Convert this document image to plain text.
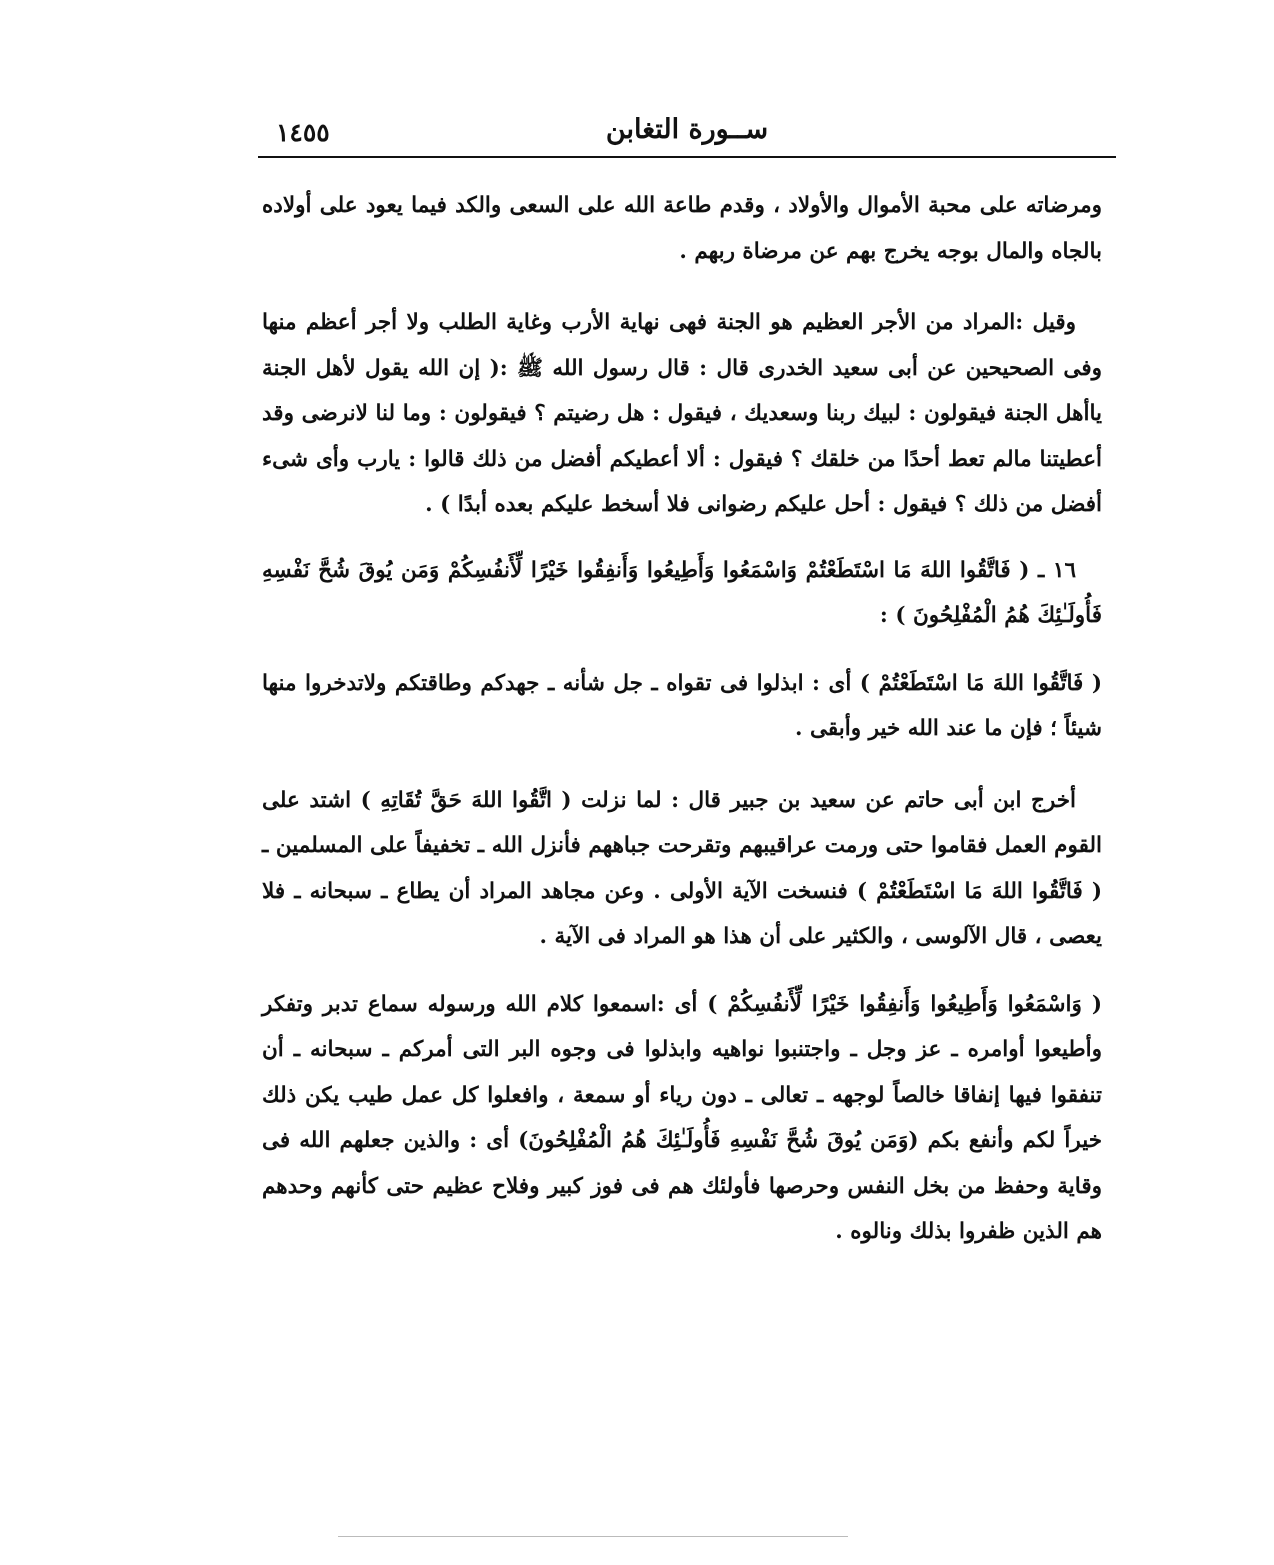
ســورة التغابن
١٤٥٥

ومرضاته على محبة الأموال والأولاد ، وقدم طاعة الله على السعى والكد فيما يعود على أولاده بالجاه والمال بوجه يخرج بهم عن مرضاة ربهم .

وقيل :المراد من الأجر العظيم هو الجنة فهى نهاية الأرب وغاية الطلب ولا أجر أعظم منها وفى الصحيحين عن أبى سعيد الخدرى قال : قال رسول الله ﷺ :( إن الله يقول لأهل الجنة ياأهل الجنة فيقولون : لبيك ربنا وسعديك ، فيقول : هل رضيتم ؟ فيقولون : وما لنا لانرضى وقد أعطيتنا مالم تعط أحدًا من خلقك ؟ فيقول : ألا أعطيكم أفضل من ذلك قالوا : يارب وأى شىء أفضل من ذلك ؟ فيقول : أحل عليكم رضوانى فلا أسخط عليكم بعده أبدًا ) .

١٦ ـ ( فَاتَّقُوا اللهَ مَا اسْتَطَعْتُمْ وَاسْمَعُوا وَأَطِيعُوا وَأَنفِقُوا خَيْرًا لِّأَنفُسِكُمْ وَمَن يُوقَ شُحَّ نَفْسِهِ فَأُولَـٰئِكَ هُمُ الْمُفْلِحُونَ ) :

( فَاتَّقُوا اللهَ مَا اسْتَطَعْتُمْ ) أى : ابذلوا فى تقواه ـ جل شأنه ـ جهدكم وطاقتكم ولاتدخروا منها شيئاً ؛ فإن ما عند الله خير وأبقى .

أخرج ابن أبى حاتم عن سعيد بن جبير قال : لما نزلت ( اتَّقُوا اللهَ حَقَّ تُقَاتِهِ ) اشتد على القوم العمل فقاموا حتى ورمت عراقيبهم وتقرحت جباههم فأنزل الله ـ تخفيفاً على المسلمين ـ ( فَاتَّقُوا اللهَ مَا اسْتَطَعْتُمْ ) فنسخت الآية الأولى . وعن مجاهد المراد أن يطاع ـ سبحانه ـ فلا يعصى ، قال الآلوسى ، والكثير على أن هذا هو المراد فى الآية .

( وَاسْمَعُوا وَأَطِيعُوا وَأَنفِقُوا خَيْرًا لِّأَنفُسِكُمْ ) أى :اسمعوا كلام الله ورسوله سماع تدبر وتفكر وأطيعوا أوامره ـ عز وجل ـ واجتنبوا نواهيه وابذلوا فى وجوه البر التى أمركم ـ سبحانه ـ أن تنفقوا فيها إنفاقا خالصاً لوجهه ـ تعالى ـ دون رياء أو سمعة ، وافعلوا كل عمل طيب يكن ذلك خيراً لكم وأنفع بكم (وَمَن يُوقَ شُحَّ نَفْسِهِ فَأُولَـٰئِكَ هُمُ الْمُفْلِحُونَ) أى : والذين جعلهم الله فى وقاية وحفظ من بخل النفس وحرصها فأولئك هم فى فوز كبير وفلاح عظيم حتى كأنهم وحدهم هم الذين ظفروا بذلك ونالوه .
